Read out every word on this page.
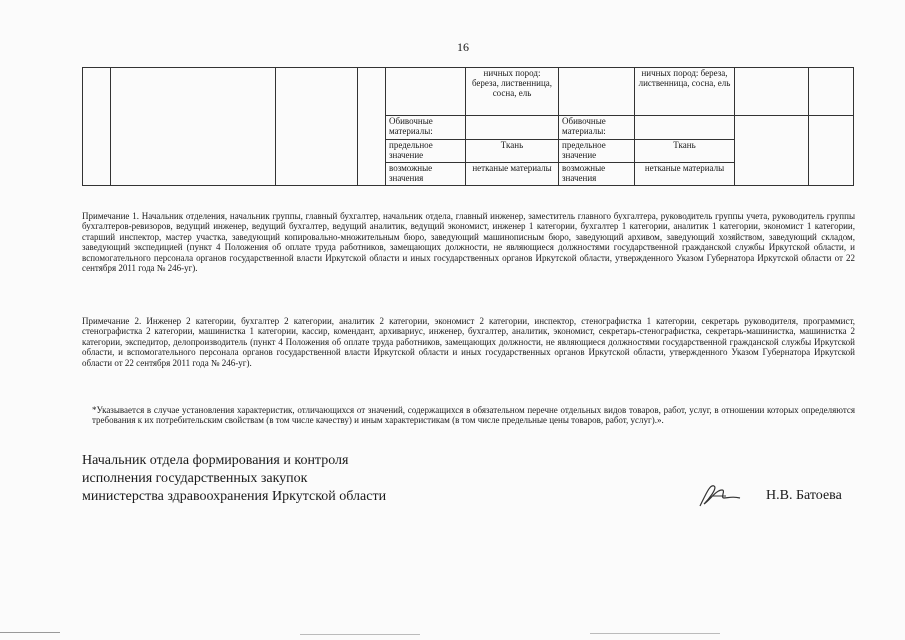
16
					ничных пород: береза, лиственница, сосна, ель		ничных пород: береза, лиственница, сосна, ель		
				Обивочные материалы:		Обивочные материалы:			
				предельное значение	Ткань	предельное значение	Ткань		
				возможные значения	нетканые материалы	возможные значения	нетканые материалы		

Примечание 1. Начальник отделения, начальник группы, главный бухгалтер, начальник отдела, главный инженер, заместитель главного бухгалтера, руководитель группы учета, руководитель группы бухгалтеров-ревизоров, ведущий инженер, ведущий бухгалтер, ведущий аналитик, ведущий экономист, инженер 1 категории, бухгалтер 1 категории, аналитик 1 категории, экономист 1 категории, старший инспектор, мастер участка, заведующий копировально-множительным бюро, заведующий машинописным бюро, заведующий архивом, заведующий хозяйством, заведующий складом, заведующий экспедицией (пункт 4 Положения об оплате труда работников, замещающих должности, не являющиеся должностями государственной гражданской службы Иркутской области, и вспомогательного персонала органов государственной власти Иркутской области и иных государственных органов Иркутской области, утвержденного Указом Губернатора Иркутской области от 22 сентября 2011 года № 246-уг).

Примечание 2. Инженер 2 категории, бухгалтер 2 категории, аналитик 2 категории, экономист 2 категории, инспектор, стенографистка 1 категории, секретарь руководителя, программист, стенографистка 2 категории, машинистка 1 категории, кассир, комендант, архивариус, инженер, бухгалтер, аналитик, экономист, секретарь-стенографистка, секретарь-машинистка, машинистка 2 категории, экспедитор, делопроизводитель (пункт 4 Положения об оплате труда работников, замещающих должности, не являющиеся должностями государственной гражданской службы Иркутской области, и вспомогательного персонала органов государственной власти Иркутской области и иных государственных органов Иркутской области, утвержденного Указом Губернатора Иркутской области от 22 сентября 2011 года № 246-уг).

*Указывается в случае установления характеристик, отличающихся от значений, содержащихся в обязательном перечне отдельных видов товаров, работ, услуг, в отношении которых определяются требования к их потребительским свойствам (в том числе качеству) и иным характеристикам (в том числе предельные цены товаров, работ, услуг).».

Начальник отдела формирования и контроля
исполнения государственных закупок
министерства здравоохранения Иркутской области	Н.В. Батоева
